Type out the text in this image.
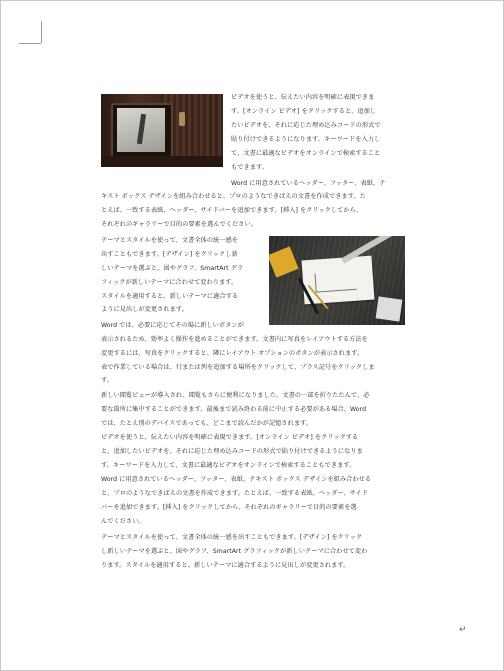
ビデオを使うと、伝えたい内容を明確に表現できま
す。[オンライン ビデオ] をクリックすると、追加し
たいビデオを、それに応じた埋め込みコードの形式で
貼り付けできるようになります。キーワードを入力し
て、文書に最適なビデオをオンラインで検索すること
もできます。
Word に用意されているヘッダー、フッター、表紙、テ
キスト ボックス デザインを組み合わせると、プロのようなできばえの文書を作成できます。た
とえば、一致する表紙、ヘッダー、サイドバーを追加できます。[挿入] をクリックしてから、
それぞれのギャラリーで目的の要素を選んでください。
テーマとスタイルを使って、文書全体の統一感を
出すこともできます。[デザイン] をクリックし新
しいテーマを選ぶと、図やグラフ、SmartArt グラ
フィックが新しいテーマに合わせて変わります。
スタイルを適用すると、新しいテーマに適合する
ように見出しが変更されます。
Word では、必要に応じてその場に新しいボタンが
表示されるため、効率よく操作を進めることができます。文書内に写真をレイアウトする方法を
変更するには、写真をクリックすると、隣にレイアウト オプションのボタンが表示されます。
表で作業している場合は、行または列を追加する場所をクリックして、プラス記号をクリックしま
す。
新しい閲覧ビューが導入され、閲覧もさらに便利になりました。文書の一部を折りたたんで、必
要な箇所に集中することができます。最後まで読み終わる前に中止する必要がある場合、Word
では、たとえ別のデバイスであっても、どこまで読んだかが記憶されます。
ビデオを使うと、伝えたい内容を明確に表現できます。[オンライン ビデオ] をクリックする
と、追加したいビデオを、それに応じた埋め込みコードの形式で貼り付けできるようになりま
す。キーワードを入力して、文書に最適なビデオをオンラインで検索することもできます。
Word に用意されているヘッダー、フッター、表紙、テキスト ボックス デザインを組み合わせる
と、プロのようなできばえの文書を作成できます。たとえば、一致する表紙、ヘッダー、サイド
バーを追加できます。[挿入] をクリックしてから、それぞれのギャラリーで目的の要素を選
んでください。
テーマとスタイルを使って、文書全体の統一感を出すこともできます。[デザイン] をクリック
し新しいテーマを選ぶと、図やグラフ、SmartArt グラフィックが新しいテーマに合わせて変わ
ります。スタイルを適用すると、新しいテーマに適合するように見出しが変更されます。
↵
